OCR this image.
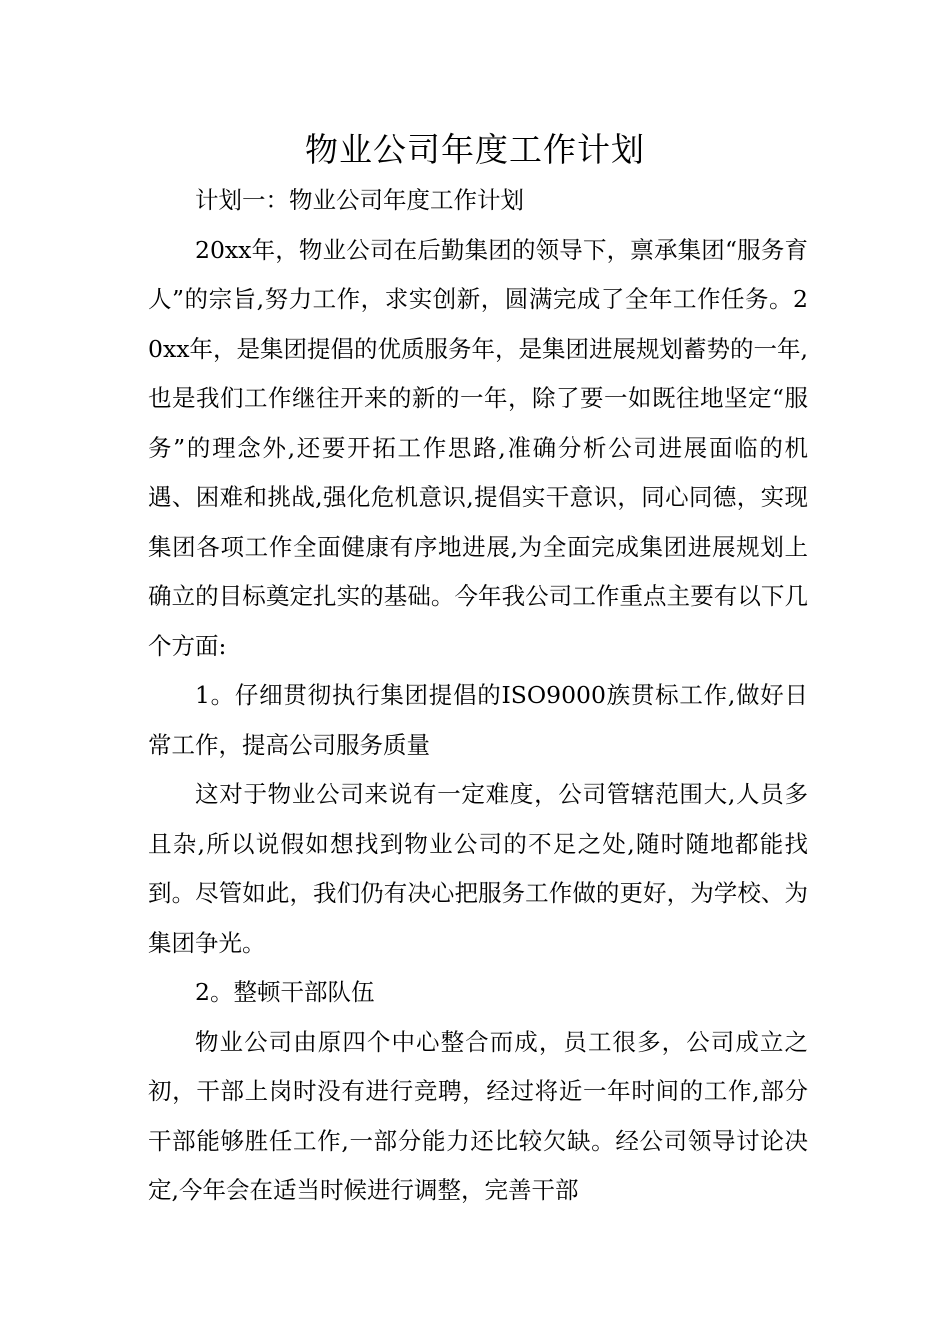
物业公司年度工作计划

计划一：物业公司年度工作计划

20xx年，物业公司在后勤集团的领导下，禀承集团“服务育人”的宗旨,努力工作，求实创新，圆满完成了全年工作任务。20xx年，是集团提倡的优质服务年，是集团进展规划蓄势的一年,也是我们工作继往开来的新的一年，除了要一如既往地坚定“服务”的理念外,还要开拓工作思路,准确分析公司进展面临的机遇、困难和挑战,强化危机意识,提倡实干意识，同心同德，实现集团各项工作全面健康有序地进展,为全面完成集团进展规划上确立的目标奠定扎实的基础。今年我公司工作重点主要有以下几个方面:

1。仔细贯彻执行集团提倡的ISO9000族贯标工作,做好日常工作，提高公司服务质量

这对于物业公司来说有一定难度，公司管辖范围大,人员多且杂,所以说假如想找到物业公司的不足之处,随时随地都能找到。尽管如此，我们仍有决心把服务工作做的更好，为学校、为集团争光。

2。整顿干部队伍

物业公司由原四个中心整合而成，员工很多，公司成立之初，干部上岗时没有进行竞聘，经过将近一年时间的工作,部分干部能够胜任工作,一部分能力还比较欠缺。经公司领导讨论决定,今年会在适当时候进行调整，完善干部
